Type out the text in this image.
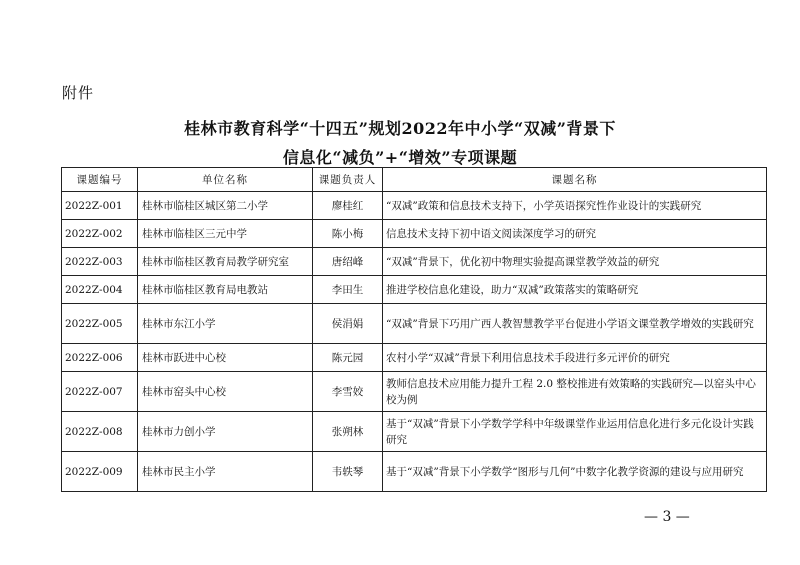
附件
桂林市教育科学“十四五”规划2022年中小学“双减”背景下
信息化“减负”+“增效”专项课题
课题编号	单位名称	课题负责人	课题名称
2022Z-001	桂林市临桂区城区第二小学	廖桂红	“双减”政策和信息技术支持下，小学英语探究性作业设计的实践研究
2022Z-002	桂林市临桂区三元中学	陈小梅	信息技术支持下初中语文阅读深度学习的研究
2022Z-003	桂林市临桂区教育局教学研究室	唐绍峰	“双减”背景下，优化初中物理实验提高课堂教学效益的研究
2022Z-004	桂林市临桂区教育局电教站	李田生	推进学校信息化建设，助力“双减”政策落实的策略研究
2022Z-005	桂林市东江小学	侯涓娟	“双减”背景下巧用广西人教智慧教学平台促进小学语文课堂教学增效的实践研究
2022Z-006	桂林市跃进中心校	陈元园	农村小学“双减”背景下利用信息技术手段进行多元评价的研究
2022Z-007	桂林市窑头中心校	李雪姣	教师信息技术应用能力提升工程 2.0 整校推进有效策略的实践研究—以窑头中心校为例
2022Z-008	桂林市力创小学	张朔林	基于“双减”背景下小学数学学科中年级课堂作业运用信息化进行多元化设计实践研究
2022Z-009	桂林市民主小学	韦轶琴	基于“双减”背景下小学数学“图形与几何”中数字化教学资源的建设与应用研究
— 3 —
